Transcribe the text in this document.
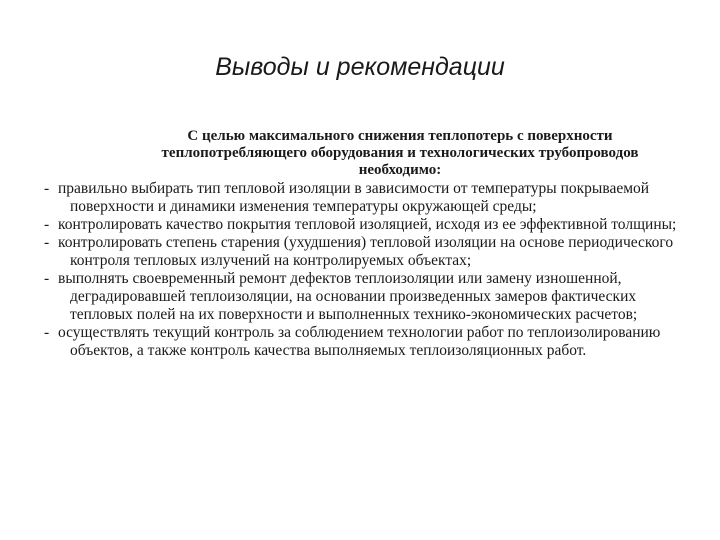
Выводы и рекомендации
С целью максимального снижения теплопотерь с поверхности теплопотребляющего оборудования и технологических трубопроводов необходимо:
- правильно выбирать тип тепловой изоляции в зависимости от температуры покрываемой поверхности и динамики изменения температуры окружающей среды;
- контролировать качество покрытия тепловой изоляцией, исходя из ее эффективной толщины;
- контролировать степень старения (ухудшения) тепловой изоляции на основе периодического контроля тепловых излучений на контролируемых объектах;
- выполнять своевременный ремонт дефектов теплоизоляции или замену изношенной, деградировавшей теплоизоляции, на основании произведенных замеров фактических тепловых полей на их поверхности и выполненных технико-экономических расчетов;
- осуществлять текущий контроль за соблюдением технологии работ по теплоизолированию объектов, а также контроль качества выполняемых теплоизоляционных работ.
